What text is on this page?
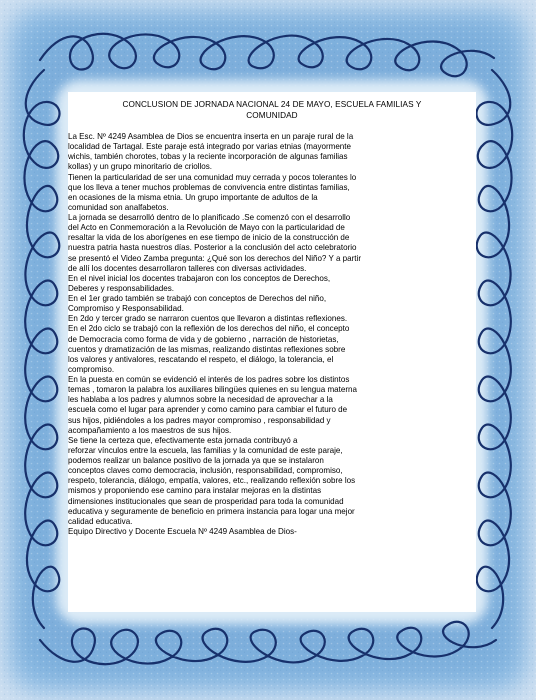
CONCLUSION DE JORNADA NACIONAL 24 DE MAYO, ESCUELA FAMILIAS Y
COMUNIDAD

La Esc. Nº 4249 Asamblea de Dios se encuentra inserta en un paraje rural de la
localidad de Tartagal. Este paraje está integrado por varias etnias (mayormente
wichis, también chorotes, tobas y la reciente incorporación de algunas familias
kollas) y un grupo minoritario de criollos.

Tienen la particularidad de ser una comunidad muy cerrada y pocos tolerantes lo
que los lleva a tener muchos problemas de convivencia entre distintas familias,
en ocasiones de la misma etnia. Un grupo importante de adultos de la
comunidad son analfabetos.

La jornada se desarrolló dentro de lo planificado .Se comenzó con el desarrollo
del Acto en Conmemoración a la Revolución de Mayo con la particularidad de
resaltar la vida de los aborígenes en ese tiempo de inicio de la construcción de
nuestra patria hasta nuestros días. Posterior a la conclusión del acto celebratorio
se presentó el Video Zamba pregunta: ¿Qué son los derechos del Niño? Y a partir
de allí los docentes desarrollaron talleres con diversas actividades.

En el nivel inicial los docentes trabajaron con los conceptos de Derechos,
Deberes y responsabilidades.

En el 1er grado también se trabajó con conceptos de Derechos del niño,
Compromiso y Responsabilidad.

En 2do y tercer grado se narraron cuentos que llevaron a distintas reflexiones.

En el 2do ciclo se trabajó con la reflexión de los derechos del niño, el concepto
de Democracia como forma de vida y de gobierno , narración de historietas,
cuentos y dramatización de las mismas, realizando distintas reflexiones sobre
los valores y antivalores, rescatando el respeto, el diálogo, la tolerancia, el
compromiso.

En la puesta en común se evidenció el interés de los padres sobre los distintos
temas , tomaron la palabra los auxiliares bilingües quienes en su lengua materna
les hablaba a los padres y alumnos sobre la necesidad de aprovechar a la
escuela como el lugar para aprender y como camino para cambiar el futuro de
sus hijos, pidiéndoles a los padres mayor compromiso , responsabilidad y
acompañamiento a los maestros de sus hijos.

Se tiene la certeza que, efectivamente esta jornada contribuyó a
reforzar vínculos entre la escuela, las familias y la comunidad de este paraje,
podemos realizar un balance positivo de la jornada ya que se instalaron
conceptos claves como democracia, inclusión, responsabilidad, compromiso,
respeto, tolerancia, diálogo, empatía, valores, etc., realizando reflexión sobre los
mismos y proponiendo ese camino para instalar mejoras en la distintas
dimensiones institucionales que sean de prosperidad para toda la comunidad
educativa y seguramente de beneficio en primera instancia para logar una mejor
calidad educativa.

Equipo Directivo y Docente Escuela Nº 4249 Asamblea de Dios-
